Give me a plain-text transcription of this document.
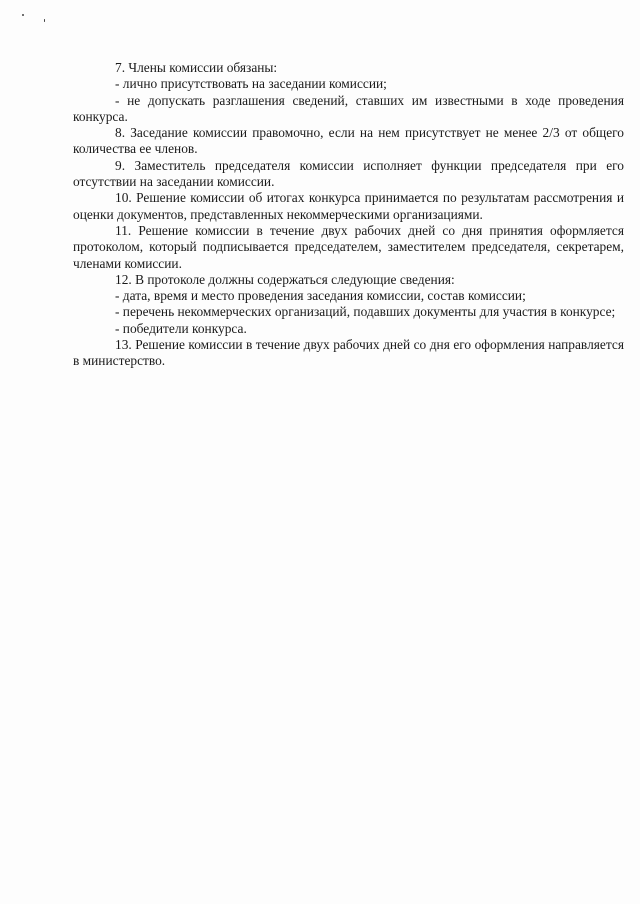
7. Члены комиссии обязаны:

- лично присутствовать на заседании комиссии;

- не допускать разглашения сведений, ставших им известными в ходе проведения конкурса.

8. Заседание комиссии правомочно, если на нем присутствует не менее 2/3 от общего количества ее членов.

9. Заместитель председателя комиссии исполняет функции председателя при его отсутствии на заседании комиссии.

10. Решение комиссии об итогах конкурса принимается по результатам рассмотрения и оценки документов, представленных некоммерческими организациями.

11. Решение комиссии в течение двух рабочих дней со дня принятия оформляется протоколом, который подписывается председателем, заместителем председателя, секретарем, членами комиссии.

12. В протоколе должны содержаться следующие сведения:

- дата, время и место проведения заседания комиссии, состав комиссии;

- перечень некоммерческих организаций, подавших документы для участия в конкурсе;

- победители конкурса.

13. Решение комиссии в течение двух рабочих дней со дня его оформления направляется в министерство.
